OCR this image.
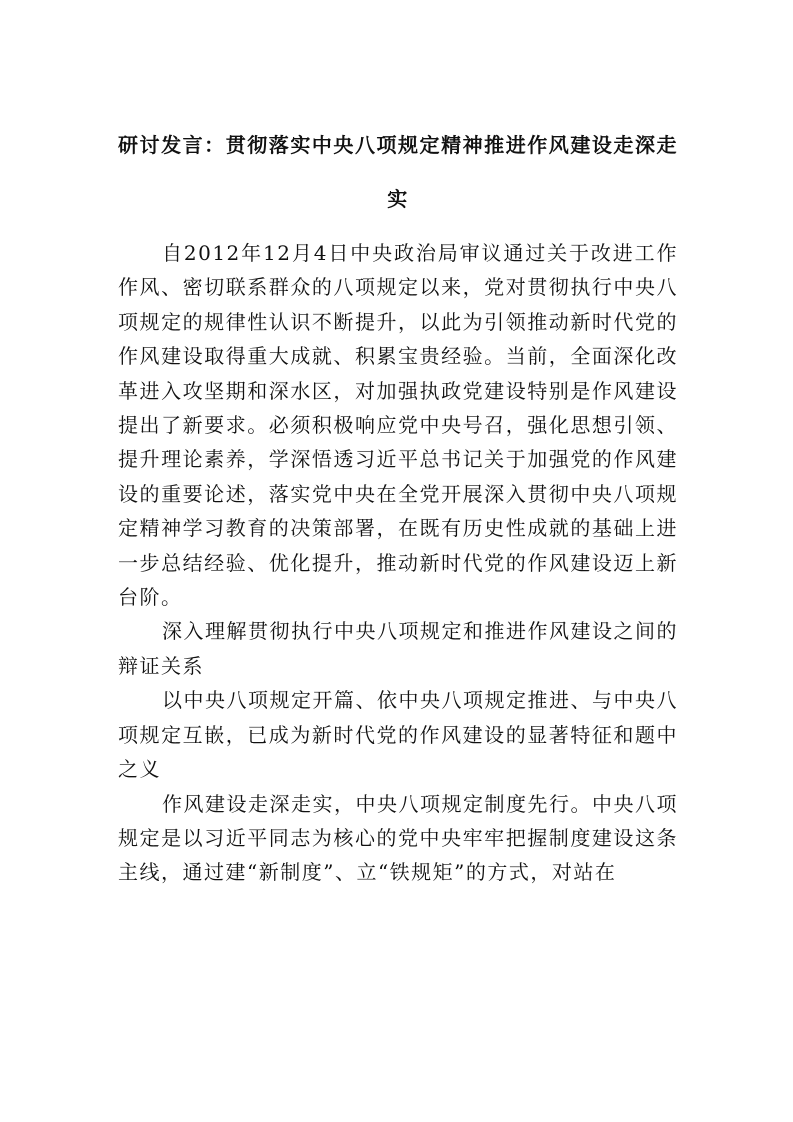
研讨发言：贯彻落实中央八项规定精神推进作风建设走深走实

自2012年12月4日中央政治局审议通过关于改进工作作风、密切联系群众的八项规定以来，党对贯彻执行中央八项规定的规律性认识不断提升，以此为引领推动新时代党的作风建设取得重大成就、积累宝贵经验。当前，全面深化改革进入攻坚期和深水区，对加强执政党建设特别是作风建设提出了新要求。必须积极响应党中央号召，强化思想引领、提升理论素养，学深悟透习近平总书记关于加强党的作风建设的重要论述，落实党中央在全党开展深入贯彻中央八项规定精神学习教育的决策部署，在既有历史性成就的基础上进一步总结经验、优化提升，推动新时代党的作风建设迈上新台阶。

深入理解贯彻执行中央八项规定和推进作风建设之间的辩证关系

以中央八项规定开篇、依中央八项规定推进、与中央八项规定互嵌，已成为新时代党的作风建设的显著特征和题中之义

作风建设走深走实，中央八项规定制度先行。中央八项规定是以习近平同志为核心的党中央牢牢把握制度建设这条主线，通过建“新制度”、立“铁规矩”的方式，对站在
